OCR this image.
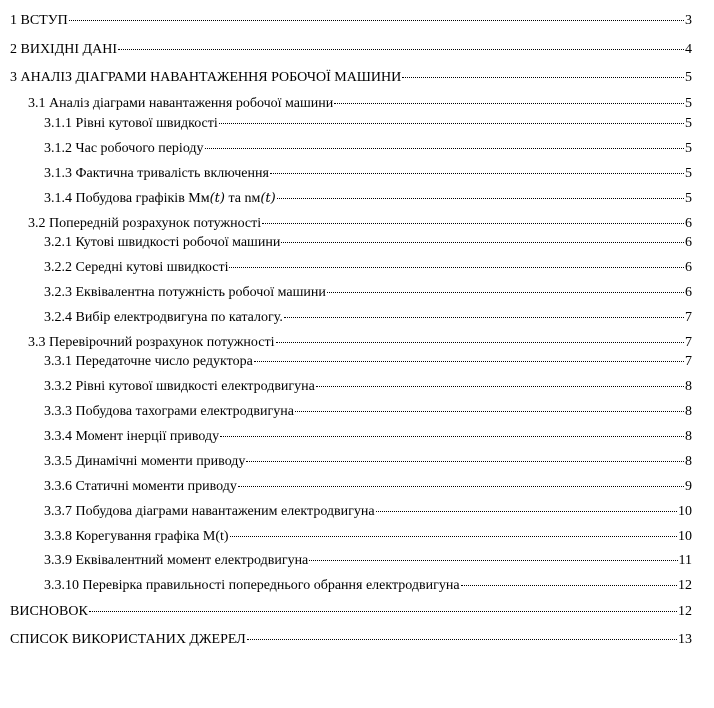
1 ВСТУП	3
2 ВИХІДНІ ДАНІ	4
3 АНАЛІЗ ДІАГРАМИ НАВАНТАЖЕННЯ РОБОЧОЇ МАШИНИ	5
3.1 Аналіз діаграми навантаження робочої машини	5
3.1.1 Рівні кутової швидкості	5
3.1.2 Час робочого періоду	5
3.1.3 Фактична тривалість включення	5
3.1.4 Побудова графіків Mм(t) та nм(t)	5
3.2 Попередній розрахунок потужності	6
3.2.1 Кутові швидкості робочої машини	6
3.2.2 Середні кутові швидкості	6
3.2.3 Еквівалентна потужність робочої машини	6
3.2.4 Вибір електродвигуна по каталогу.	7
3.3 Перевірочний розрахунок потужності	7
3.3.1 Передаточне число редуктора	7
3.3.2 Рівні кутової швидкості електродвигуна	8
3.3.3 Побудова тахограми електродвигуна	8
3.3.4 Момент інерції приводу	8
3.3.5 Динамічні моменти приводу	8
3.3.6 Статичні моменти приводу	9
3.3.7 Побудова діаграми навантаженим електродвигуна	10
3.3.8 Корегування графіка M(t)	10
3.3.9 Еквівалентний момент електродвигуна	11
3.3.10 Перевірка правильності попереднього обрання електродвигуна	12
ВИСНОВОК	12
СПИСОК ВИКОРИСТАНИХ ДЖЕРЕЛ	13
